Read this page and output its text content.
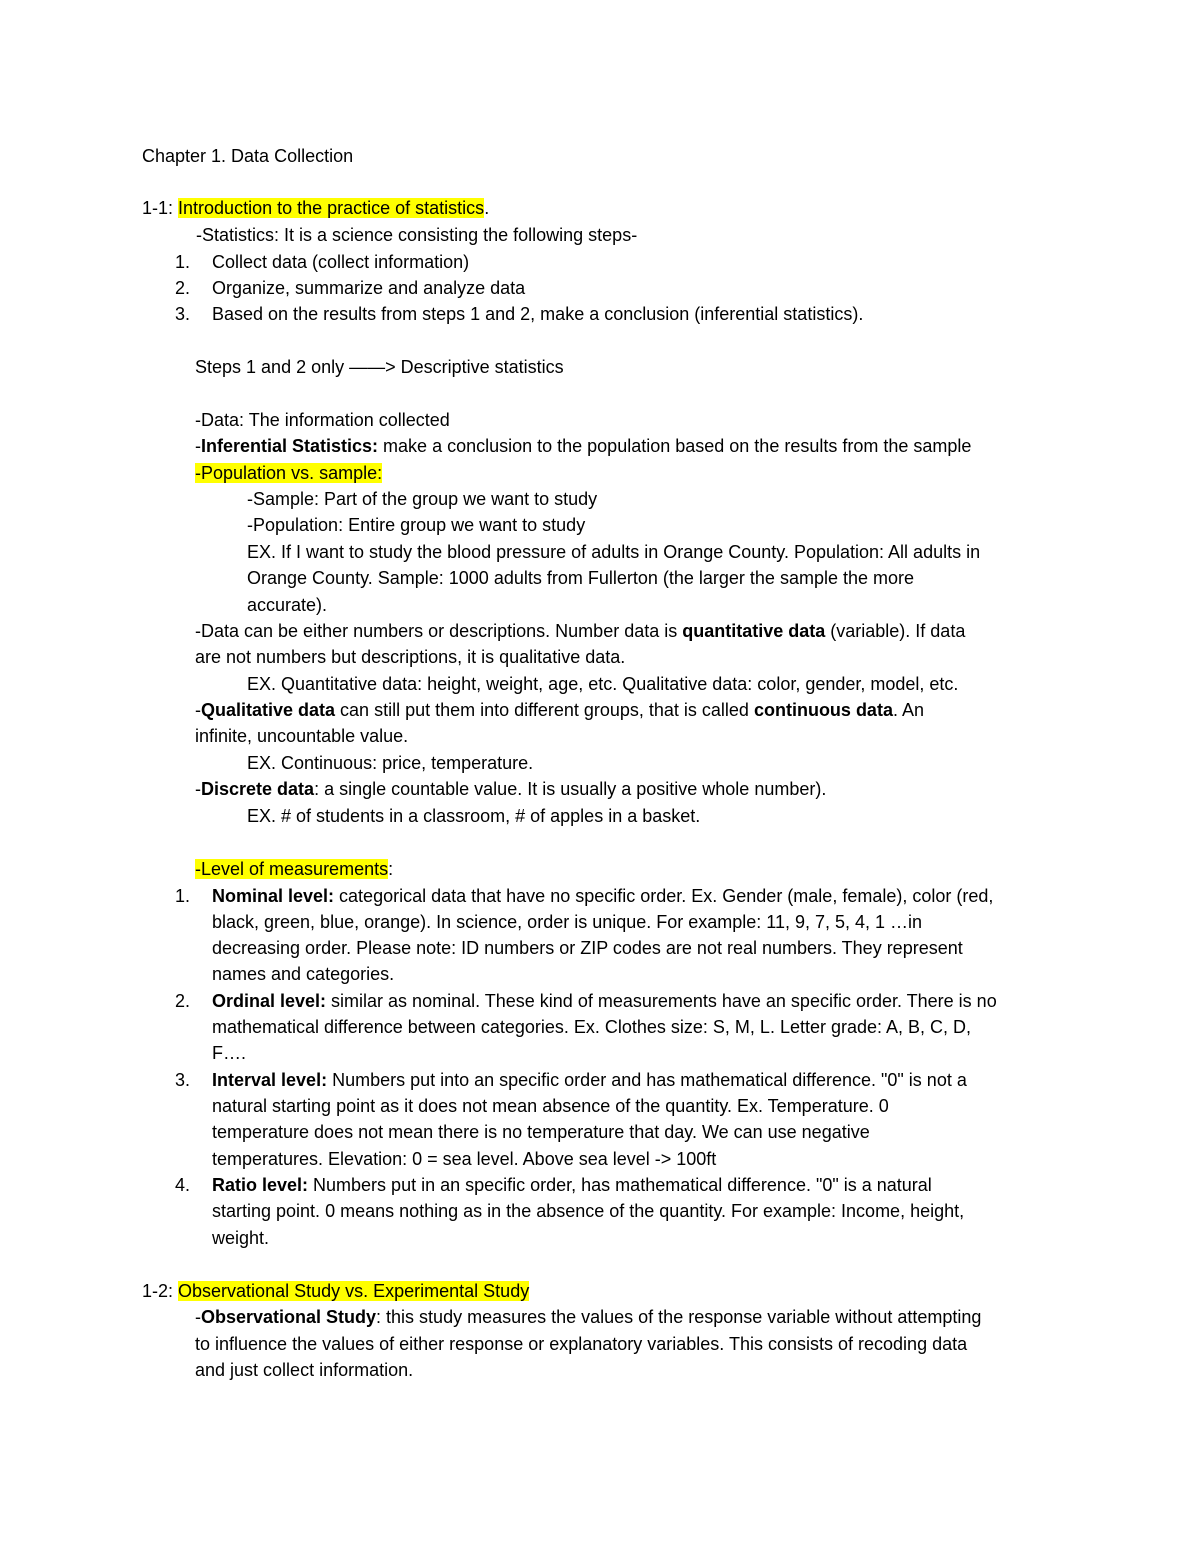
Chapter 1. Data Collection
1-1: Introduction to the practice of statistics.
-Statistics: It is a science consisting the following steps-
1. Collect data (collect information)
2. Organize, summarize and analyze data
3. Based on the results from steps 1 and 2, make a conclusion (inferential statistics).
Steps 1 and 2 only ——> Descriptive statistics
-Data: The information collected
-Inferential Statistics: make a conclusion to the population based on the results from the sample
-Population vs. sample:
-Sample: Part of the group we want to study
-Population: Entire group we want to study
EX. If I want to study the blood pressure of adults in Orange County. Population: All adults in
Orange County. Sample: 1000 adults from Fullerton (the larger the sample the more
accurate).
-Data can be either numbers or descriptions. Number data is quantitative data (variable). If data
are not numbers but descriptions, it is qualitative data.
EX. Quantitative data: height, weight, age, etc. Qualitative data: color, gender, model, etc.
-Qualitative data can still put them into different groups, that is called continuous data. An
infinite, uncountable value.
EX. Continuous: price, temperature.
-Discrete data: a single countable value. It is usually a positive whole number).
EX. # of students in a classroom, # of apples in a basket.
-Level of measurements:
1. Nominal level: categorical data that have no specific order. Ex. Gender (male, female), color (red,
black, green, blue, orange). In science, order is unique. For example: 11, 9, 7, 5, 4, 1 …in
decreasing order. Please note: ID numbers or ZIP codes are not real numbers. They represent
names and categories.
2. Ordinal level: similar as nominal. These kind of measurements have an specific order. There is no
mathematical difference between categories. Ex. Clothes size: S, M, L. Letter grade: A, B, C, D,
F….
3. Interval level: Numbers put into an specific order and has mathematical difference. "0" is not a
natural starting point as it does not mean absence of the quantity. Ex. Temperature. 0
temperature does not mean there is no temperature that day. We can use negative
temperatures. Elevation: 0 = sea level. Above sea level -> 100ft
4. Ratio level: Numbers put in an specific order, has mathematical difference. "0" is a natural
starting point. 0 means nothing as in the absence of the quantity. For example: Income, height,
weight.
1-2: Observational Study vs. Experimental Study
-Observational Study: this study measures the values of the response variable without attempting
to influence the values of either response or explanatory variables. This consists of recoding data
and just collect information.
